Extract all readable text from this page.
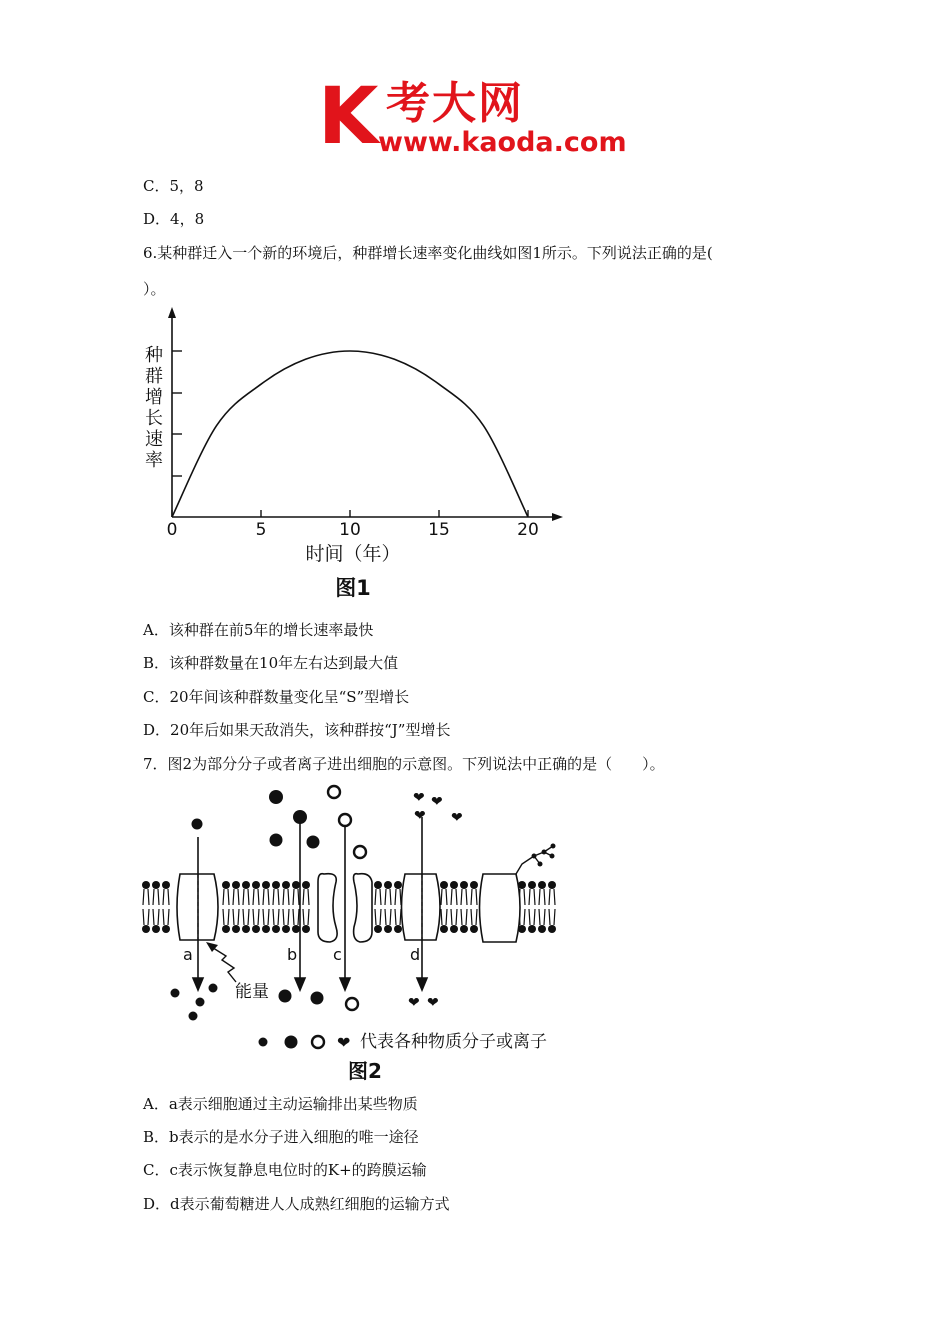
K 考大网
www.kaoda.com
C．5，8
D．4，8
6.某种群迁入一个新的环境后，种群增长速率变化曲线如图1所示。下列说法正确的是(
）。
0	5	10	15	20
种群增长速率
时间（年）
图1
A．该种群在前5年的增长速率最快
B．该种群数量在10年左右达到最大值
C．20年间该种群数量变化呈“S”型增长
D．20年后如果天敌消失，该种群按“J”型增长
7．图2为部分分子或者离子进出细胞的示意图。下列说法中正确的是（　　）。
a	b c	d
能量
❤ ❤
❤ ❤
❤ ❤
❤ 代表各种物质分子或离子
图2
A．a表示细胞通过主动运输排出某些物质
B．b表示的是水分子进入细胞的唯一途径
C．c表示恢复静息电位时的K+的跨膜运输
D．d表示葡萄糖进人人成熟红细胞的运输方式
